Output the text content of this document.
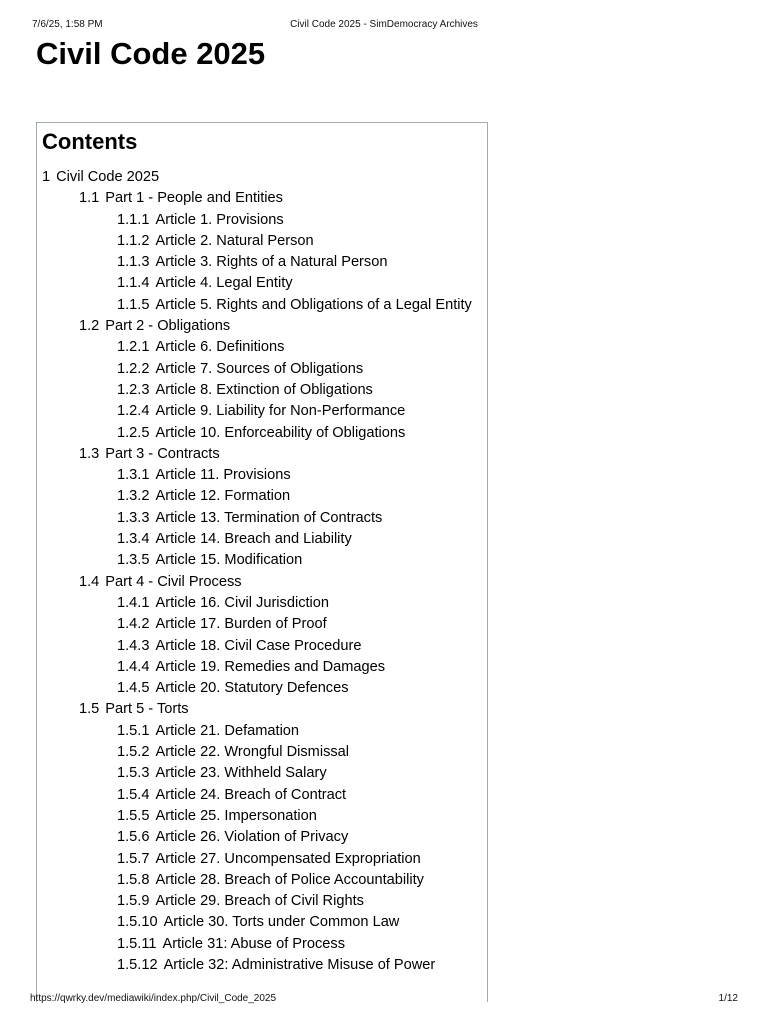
7/6/25, 1:58 PM	Civil Code 2025 - SimDemocracy Archives
Civil Code 2025
Contents
1 Civil Code 2025
1.1 Part 1 - People and Entities
1.1.1 Article 1. Provisions
1.1.2 Article 2. Natural Person
1.1.3 Article 3. Rights of a Natural Person
1.1.4 Article 4. Legal Entity
1.1.5 Article 5. Rights and Obligations of a Legal Entity
1.2 Part 2 - Obligations
1.2.1 Article 6. Definitions
1.2.2 Article 7. Sources of Obligations
1.2.3 Article 8. Extinction of Obligations
1.2.4 Article 9. Liability for Non-Performance
1.2.5 Article 10. Enforceability of Obligations
1.3 Part 3 - Contracts
1.3.1 Article 11. Provisions
1.3.2 Article 12. Formation
1.3.3 Article 13. Termination of Contracts
1.3.4 Article 14. Breach and Liability
1.3.5 Article 15. Modification
1.4 Part 4 - Civil Process
1.4.1 Article 16. Civil Jurisdiction
1.4.2 Article 17. Burden of Proof
1.4.3 Article 18. Civil Case Procedure
1.4.4 Article 19. Remedies and Damages
1.4.5 Article 20. Statutory Defences
1.5 Part 5 - Torts
1.5.1 Article 21. Defamation
1.5.2 Article 22. Wrongful Dismissal
1.5.3 Article 23. Withheld Salary
1.5.4 Article 24. Breach of Contract
1.5.5 Article 25. Impersonation
1.5.6 Article 26. Violation of Privacy
1.5.7 Article 27. Uncompensated Expropriation
1.5.8 Article 28. Breach of Police Accountability
1.5.9 Article 29. Breach of Civil Rights
1.5.10 Article 30. Torts under Common Law
1.5.11 Article 31: Abuse of Process
1.5.12 Article 32: Administrative Misuse of Power
https://qwrky.dev/mediawiki/index.php/Civil_Code_2025	1/12
